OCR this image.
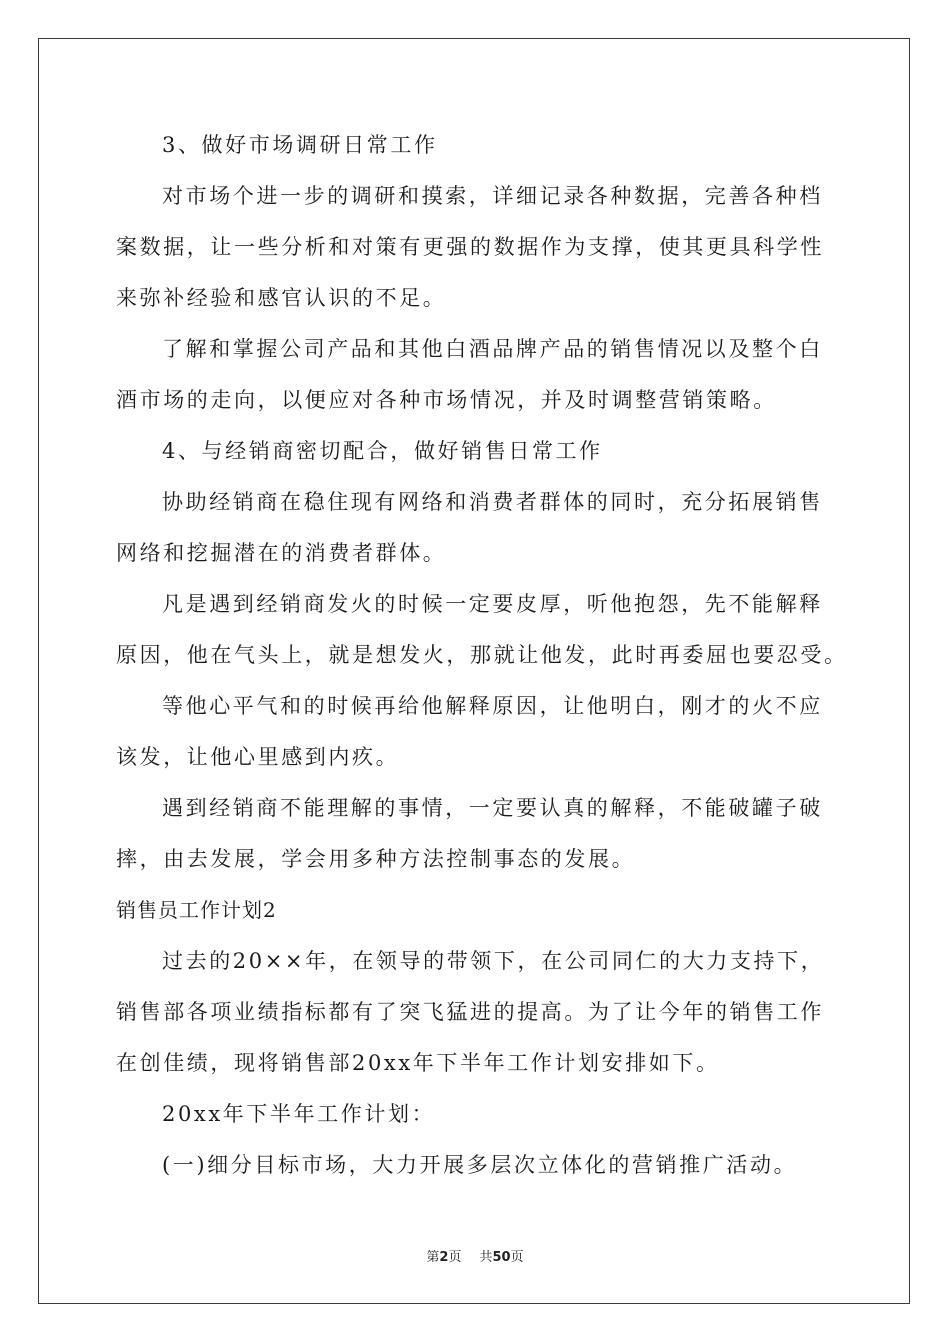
3、做好市场调研日常工作
对市场个进一步的调研和摸索，详细记录各种数据，完善各种档
案数据，让一些分析和对策有更强的数据作为支撑，使其更具科学性
来弥补经验和感官认识的不足。
了解和掌握公司产品和其他白酒品牌产品的销售情况以及整个白
酒市场的走向，以便应对各种市场情况，并及时调整营销策略。
4、与经销商密切配合，做好销售日常工作
协助经销商在稳住现有网络和消费者群体的同时，充分拓展销售
网络和挖掘潜在的消费者群体。
凡是遇到经销商发火的时候一定要皮厚，听他抱怨，先不能解释
原因，他在气头上，就是想发火，那就让他发，此时再委屈也要忍受。
等他心平气和的时候再给他解释原因，让他明白，刚才的火不应
该发，让他心里感到内疚。
遇到经销商不能理解的事情，一定要认真的解释，不能破罐子破
摔，由去发展，学会用多种方法控制事态的发展。
销售员工作计划2
过去的20××年，在领导的带领下，在公司同仁的大力支持下，
销售部各项业绩指标都有了突飞猛进的提高。为了让今年的销售工作
在创佳绩，现将销售部20xx年下半年工作计划安排如下。
20xx年下半年工作计划：
(一)细分目标市场，大力开展多层次立体化的营销推广活动。
第2页 共50页
